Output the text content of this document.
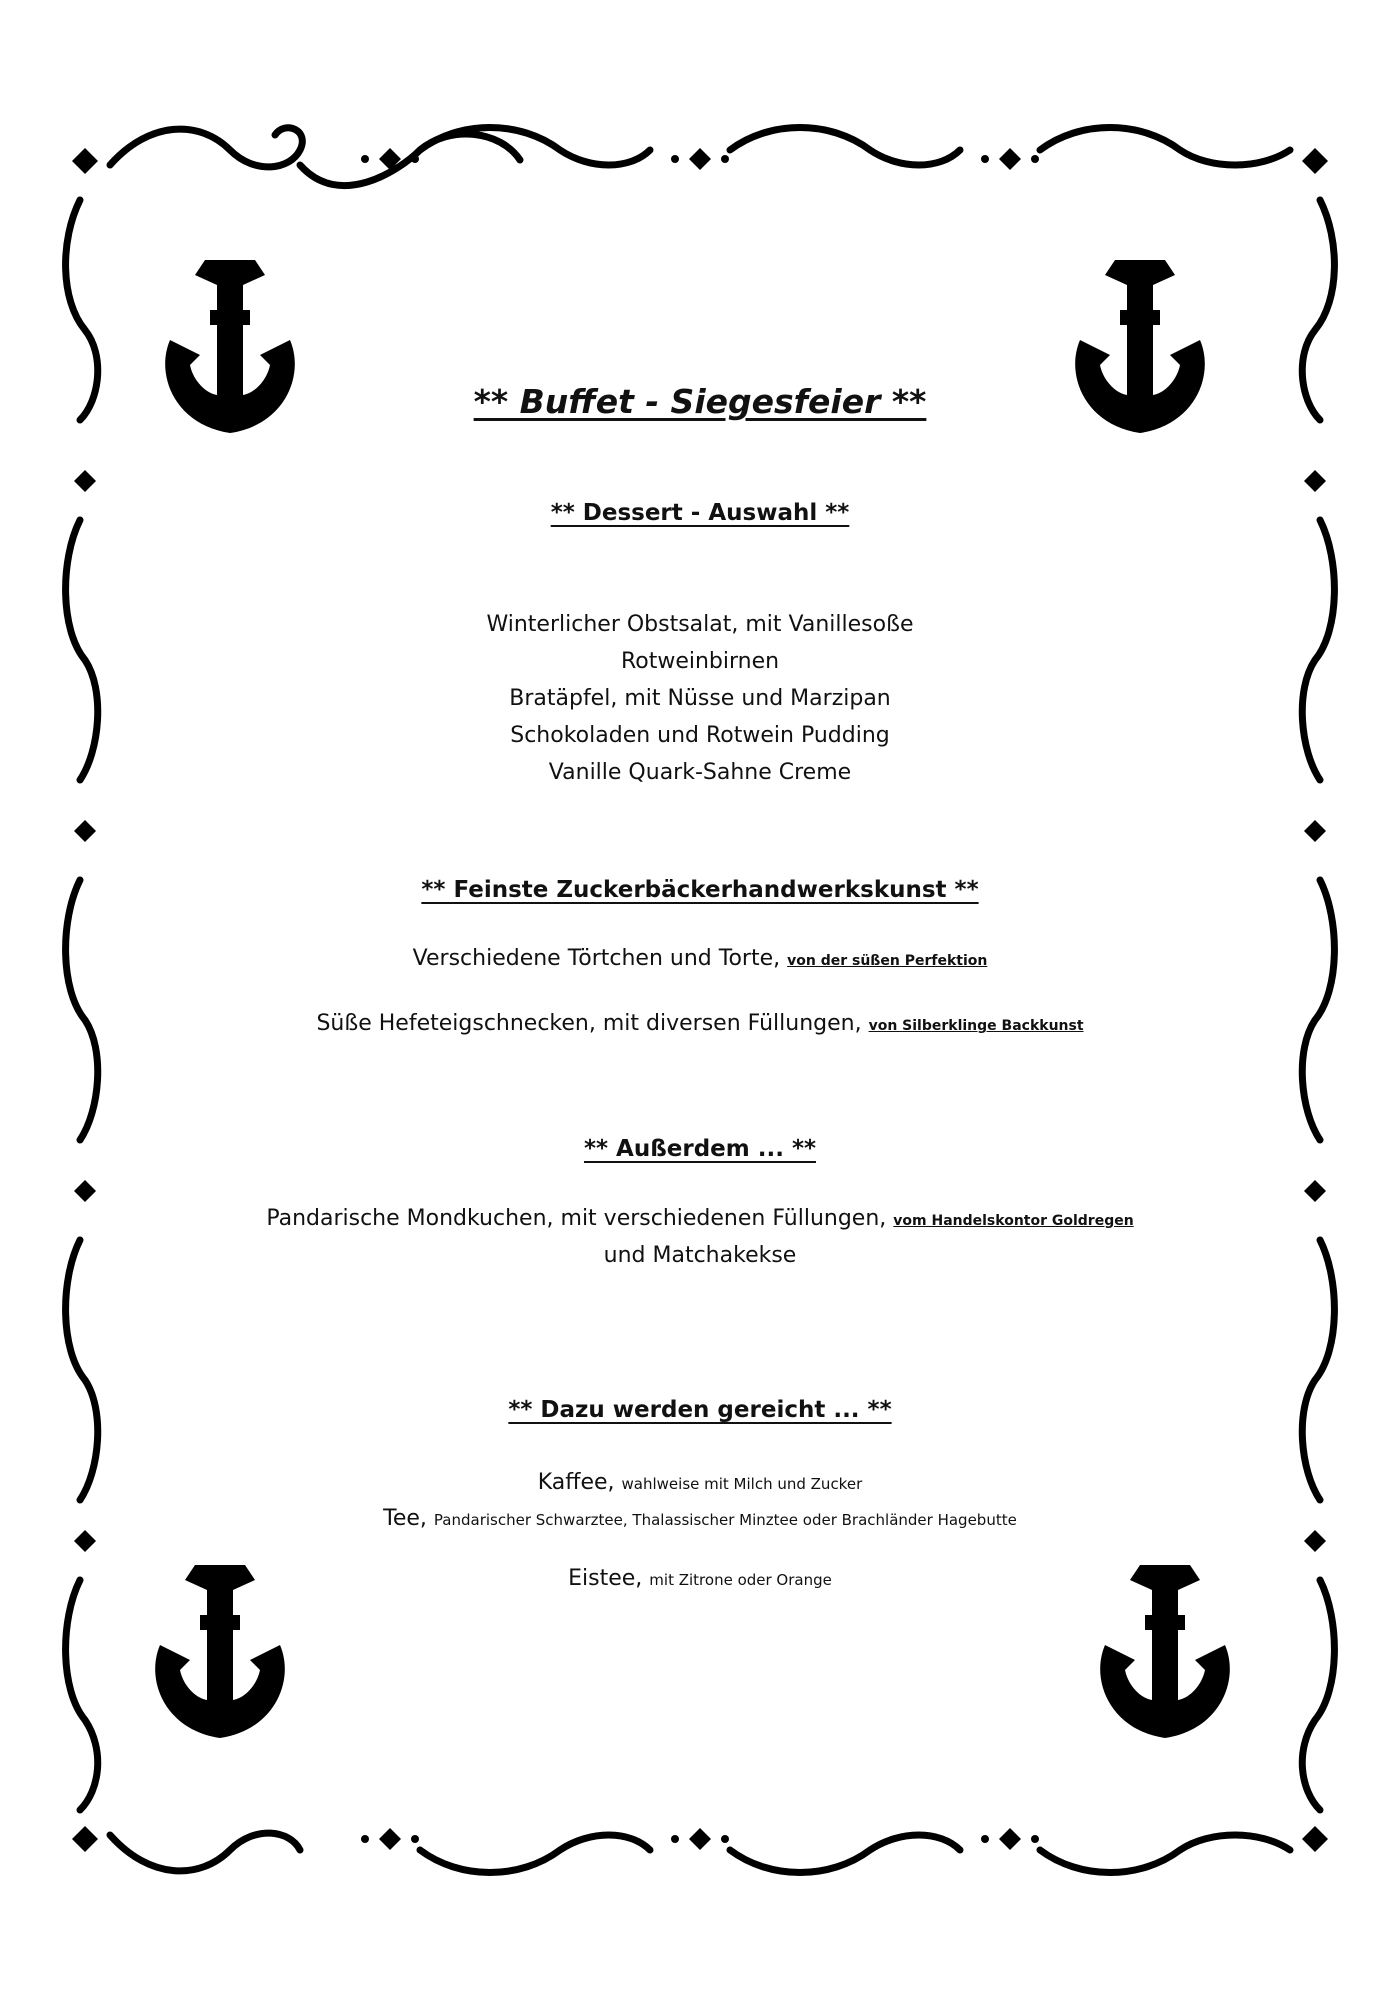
** Buffet - Siegesfeier **
** Dessert - Auswahl **
Winterlicher Obstsalat, mit Vanillesoße
Rotweinbirnen
Bratäpfel, mit Nüsse und Marzipan
Schokoladen und Rotwein Pudding
Vanille Quark-Sahne Creme
** Feinste Zuckerbäckerhandwerkskunst **
Verschiedene Törtchen und Torte, von der süßen Perfektion
Süße Hefeteigschnecken, mit diversen Füllungen, von Silberklinge Backkunst
** Außerdem ... **
Pandarische Mondkuchen, mit verschiedenen Füllungen, vom Handelskontor Goldregen
und Matchakekse
** Dazu werden gereicht ... **
Kaffee, wahlweise mit Milch und Zucker
Tee, Pandarischer Schwarztee, Thalassischer Minztee oder Brachländer Hagebutte
Eistee, mit Zitrone oder Orange
